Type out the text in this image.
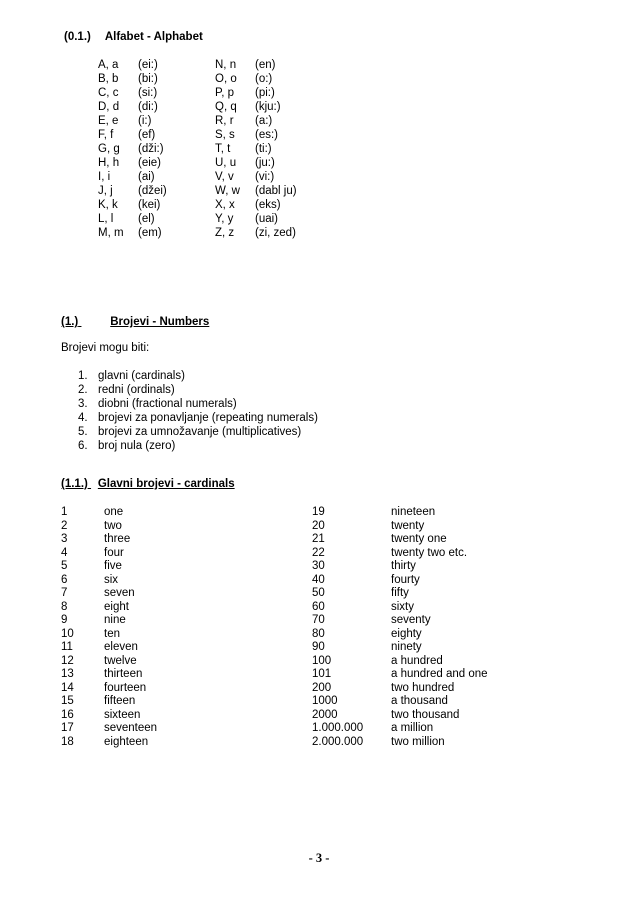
(0.1.) Alfabet - Alphabet
A, a
B, b
C, c
D, d
E, e
F, f
G, g
H, h
I, i
J, j
K, k
L, l
M, m
(ei:)
(bi:)
(si:)
(di:)
(i:)
(ef)
(dži:)
(eie)
(ai)
(džei)
(kei)
(el)
(em)
N, n
O, o
P, p
Q, q
R, r
S, s
T, t
U, u
V, v
W, w
X, x
Y, y
Z, z
(en)
(o:)
(pi:)
(kju:)
(a:)
(es:)
(ti:)
(ju:)
(vi:)
(dabl ju)
(eks)
(uai)
(zi, zed)
(1.)	Brojevi - Numbers
Brojevi mogu biti:
1.
2.
3.
4.
5.
6.
glavni (cardinals)
redni (ordinals)
diobni (fractional numerals)
brojevi za ponavljanje (repeating numerals)
brojevi za umnožavanje (multiplicatives)
broj nula (zero)
(1.1.) Glavni brojevi - cardinals
1
2
3
4
5
6
7
8
9
10
11
12
13
14
15
16
17
18
one
two
three
four
five
six
seven
eight
nine
ten
eleven
twelve
thirteen
fourteen
fifteen
sixteen
seventeen
eighteen
19
20
21
22
30
40
50
60
70
80
90
100
101
200
1000
2000
1.000.000
2.000.000
nineteen
twenty
twenty one
twenty two etc.
thirty
fourty
fifty
sixty
seventy
eighty
ninety
a hundred
a hundred and one
two hundred
a thousand
two thousand
a million
two million
- 3 -
